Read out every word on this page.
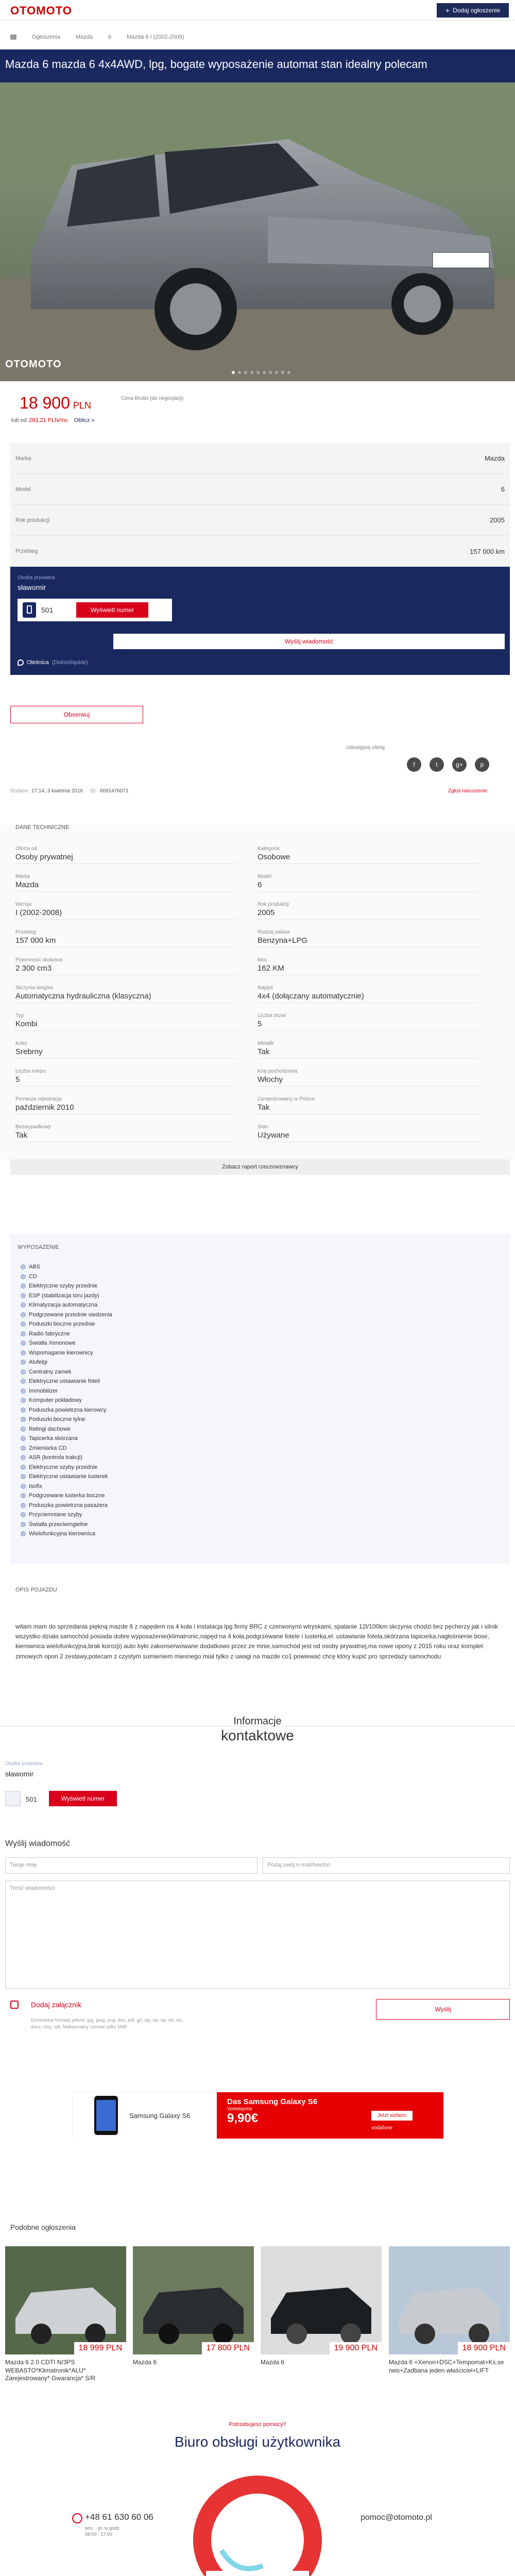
OTOMOTO	+ Dodaj ogłoszenie
Ogłoszenia	Mazda	6	Mazda 6 I (2002-2008)
Mazda 6 mazda 6 4x4AWD, lpg, bogate wyposażenie automat stan idealny polecam
OTOMOTO
18 900 PLN
Cena Brutto (do negocjacji)
lub od 283,21 PLN/mc Oblicz »
Marka	Mazda
Model	6
Rok produkcji	2005
Przebieg	157 000 km
Osoba prywatna
sławomir
501	Wyświetl numer
Wyślij wiadomość
Oleśnica (Dolnośląskie)
Obserwuj
Udostępnij ofertę
f	t	g+	p
Dodane 17:14, 3 kwietnia 2016 ID: 6091476071	Zgłoś naruszenie
DANE TECHNICZNE
Oferta od
Osoby prywatnej
Marka
Mazda
Wersja
I (2002-2008)
Przebieg
157 000 km
Pojemność skokowa
2 300 cm3
Skrzynia biegów
Automatyczna hydrauliczna (klasyczna)
Typ
Kombi
Kolor
Srebrny
Liczba miejsc
5
Pierwsza rejestracja
październik 2010
Bezwypadkowy
Tak
Kategoria
Osobowe
Model
6
Rok produkcji
2005
Rodzaj paliwa
Benzyna+LPG
Moc
162 KM
Napęd
4x4 (dołączany automatycznie)
Liczba drzwi
5
Metalik
Tak
Kraj pochodzenia
Włochy
Zarejestrowany w Polsce
Tak
Stan
Używane
Zobacz raport rzeczowznawcy
WYPOSAŻENIE
ABS
CD
Elektryczne szyby przednie
ESP (stabilizacja toru jazdy)
Klimatyzacja automatyczna
Podgrzewane przednie siedzenia
Poduszki boczne przednie
Radio fabryczne
Światła Xenonowe
Wspomaganie kierownicy
Alufelgi
Centralny zamek
Elektryczne ustawianie foteli
Immobilizer
Komputer pokładowy
Poduszka powietrzna kierowcy
Poduszki boczne tylne
Relingi dachowe
Tapicerka skórzana
Zmieniarka CD
ASR (kontrola trakcji)
Elektryczne szyby przednie
Elektryczne ustawianie lusterek
Isofix
Podgrzewane lusterka boczne
Poduszka powietrzna pasażera
Przyciemniane szyby
Światła przeciwmgielne
Wielofunkcyjna kierownica
OPIS POJAZDU
witam mam do sprzedania piękną mazde 6 z napędem na 4 koła i instalacja lpg firmy BRC z czerwonymi wtryskami, spalanie 12l/100km skrzynia chodzi bez pęcherzy jak i silnik wszystko działa samochód posiada dobre wyposażenie(klimatronic,napęd na 4 koła,podgrzewane fotele i lusterka,el. ustawianie fotela,skórzana tapicerka,nagłośnienie bose, kierownica wielofunkcyjna,brak korozji) auto było zakonserwowane dodatkowo przez ze mnie,samochód jest od osoby prywatnej,ma nowe opony z 2015 roku oraz komplet zimowych opon 2 zestawy,potecam z czystym sumieniem miesnego mial tylko z uwagi na mazde co1 powiewać chcę który kupić pro sprzedaży samochodu
Informacje
kontaktowe
Osoba prywatna
sławomir
501	Wyświetl numer
Wyślij wiadomość
Twoje imię	Podaj swój e-mail/telefon
Treść wiadomości
Dodaj załącznik
Dozwolone formaty plików: jpg, jpeg, png, doc, pdf, gif, zip, rar, tar, txt, xls, docx, xlsx, odt. Maksymalny rozmiar pliku 5MB
Wyślij
Samsung Galaxy S6
Das Samsung Galaxy S6
Vorteilspreis
9,90€	Jetzt sichern
vodafone
Podobne ogłoszenia
18 999 PLN
Mazda 6 2.0 CDTI N/3PS WEBASTO*Klimatronik*ALU* Zarejestrowany* Gwarancja* S/R
17 800 PLN
Mazda 6
19 900 PLN
Mazda 6
18 900 PLN
Mazda 6 +Xenon+DSC+Tempomat+Ks.se rwis+Zadbana jeden właściciel+LIFT
Potrzebujesz pomocy?
Biuro obsługi użytkownika
+48 61 630 60 06
pon. - pt. w godz.
08:00 - 17:00
pomoc@otomoto.pl
